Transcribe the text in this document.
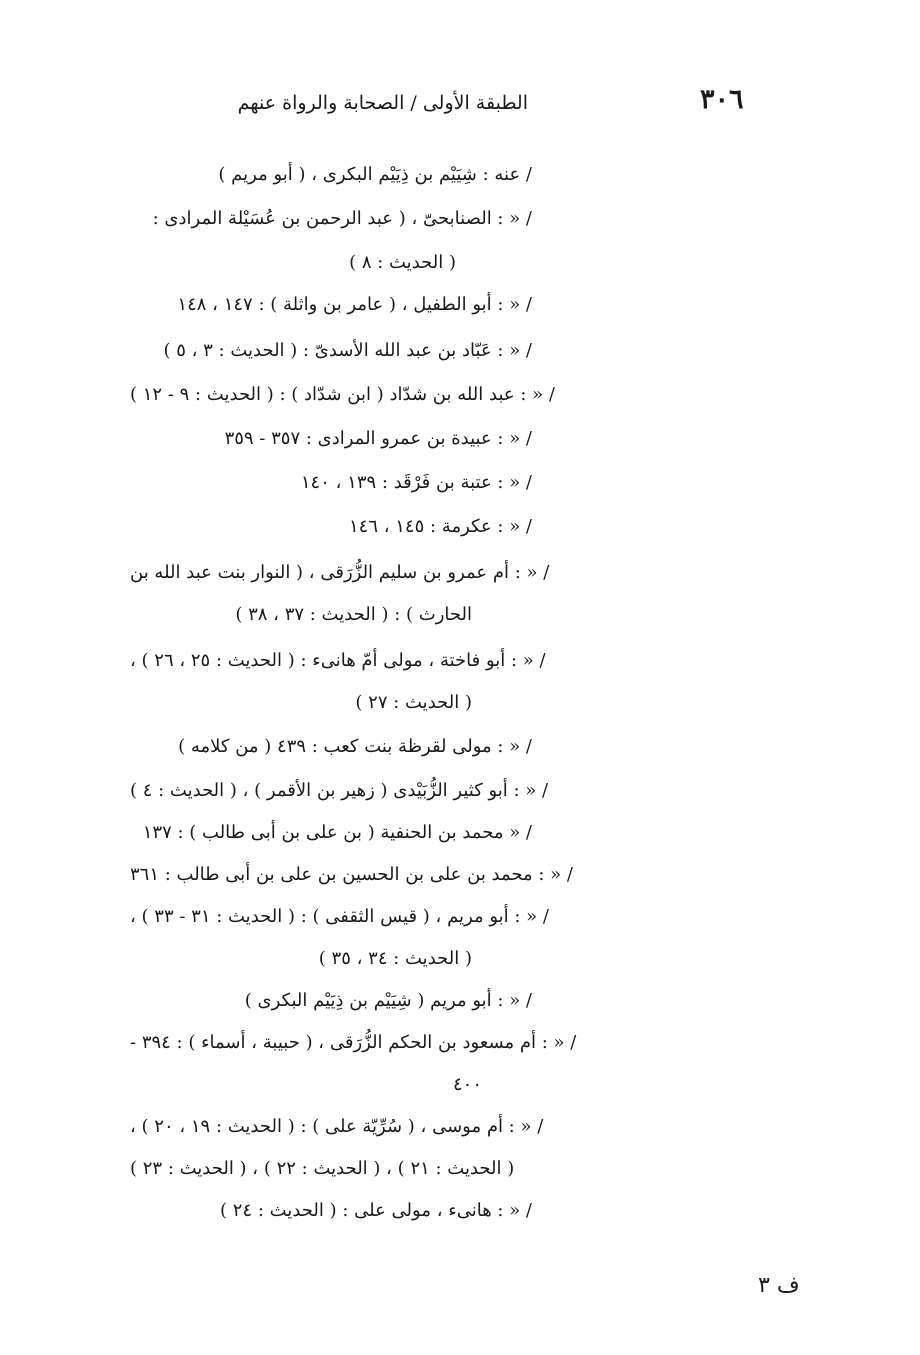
٣٠٦
الطبقة الأولى / الصحابة والرواة عنهم
/ عنه : شِيَيْم بن ذِيَيْم البكرى ، ( أبو مريم )
/ « : الصنابحىّ ، ( عبد الرحمن بن عُسَيْلة المرادى :
( الحديث : ٨ )
/ « : أبو الطفيل ، ( عامر بن واثلة ) : ١٤٧ ، ١٤٨
/ « : عَبّاد بن عبد الله الأسدىّ : ( الحديث : ٣ ، ٥ )
/ « : عبد الله بن شدّاد ( ابن شدّاد ) : ( الحديث : ٩ - ١٢ )
/ « : عبيدة بن عمرو المرادى : ٣٥٧ - ٣٥٩
/ « : عتبة بن فَرْقَد : ١٣٩ ، ١٤٠
/ « : عكرمة : ١٤٥ ، ١٤٦
/ « : أم عمرو بن سليم الزُّرَقى ، ( النوار بنت عبد الله بن
الحارث ) : ( الحديث : ٣٧ ، ٣٨ )
/ « : أبو فاختة ، مولى أمّ هانىء : ( الحديث : ٢٥ ، ٢٦ ) ،
( الحديث : ٢٧ )
/ « : مولى لقرظة بنت كعب : ٤٣٩ ( من كلامه )
/ « : أبو كثير الزُّبَيْدى ( زهير بن الأقمر ) ، ( الحديث : ٤ )
/ « محمد بن الحنفية ( بن على بن أبى طالب ) : ١٣٧
/ « : محمد بن على بن الحسين بن على بن أبى طالب : ٣٦١
/ « : أبو مريم ، ( قيس الثقفى ) : ( الحديث : ٣١ - ٣٣ ) ،
( الحديث : ٣٤ ، ٣٥ )
/ « : أبو مريم ( شِيَيْم بن ذِيَيْم البكرى )
/ « : أم مسعود بن الحكم الزُّرَقى ، ( حبيبة ، أسماء ) : ٣٩٤ -
٤٠٠
/ « : أم موسى ، ( سُرِّيّة على ) : ( الحديث : ١٩ ، ٢٠ ) ،
( الحديث : ٢١ ) ، ( الحديث : ٢٢ ) ، ( الحديث : ٢٣ )
/ « : هانىء ، مولى على : ( الحديث : ٢٤ )
ف ٣
